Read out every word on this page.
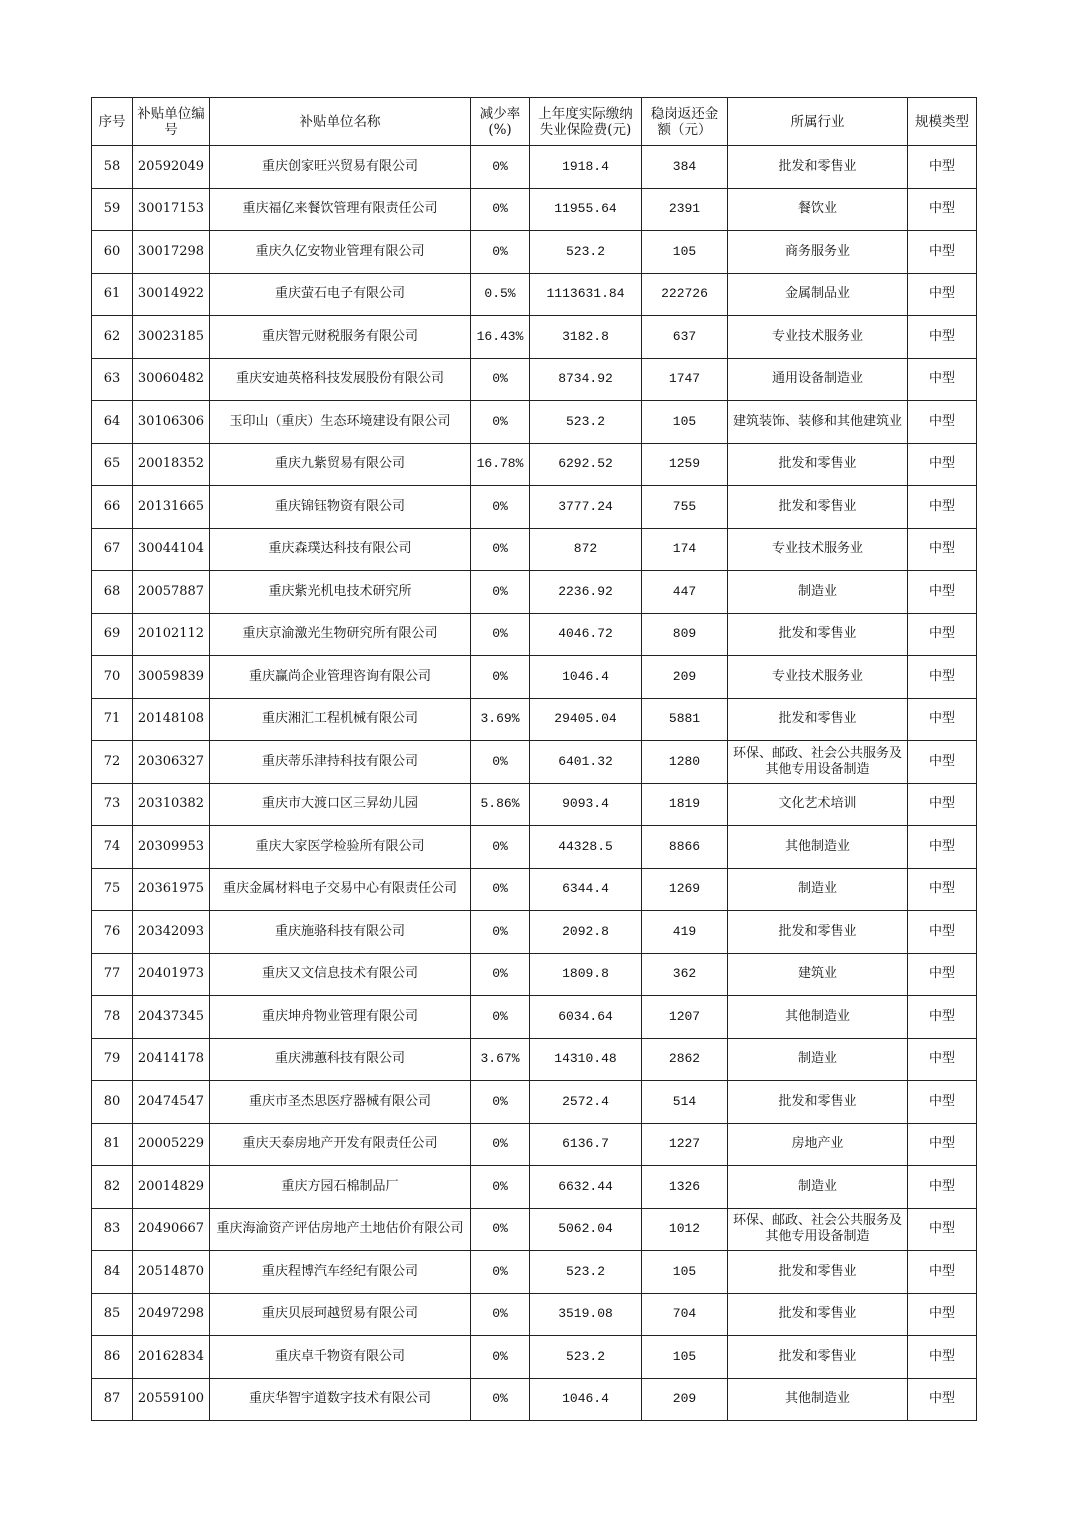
序号	补贴单位编号	补贴单位名称	减少率(%)	上年度实际缴纳失业保险费(元)	稳岗返还金额（元）	所属行业	规模类型
58	20592049	重庆创家旺兴贸易有限公司	0%	1918.4	384	批发和零售业	中型
59	30017153	重庆福亿来餐饮管理有限责任公司	0%	11955.64	2391	餐饮业	中型
60	30017298	重庆久亿安物业管理有限公司	0%	523.2	105	商务服务业	中型
61	30014922	重庆萤石电子有限公司	0.5%	1113631.84	222726	金属制品业	中型
62	30023185	重庆智元财税服务有限公司	16.43%	3182.8	637	专业技术服务业	中型
63	30060482	重庆安迪英格科技发展股份有限公司	0%	8734.92	1747	通用设备制造业	中型
64	30106306	玉印山（重庆）生态环境建设有限公司	0%	523.2	105	建筑装饰、装修和其他建筑业	中型
65	20018352	重庆九紫贸易有限公司	16.78%	6292.52	1259	批发和零售业	中型
66	20131665	重庆锦钰物资有限公司	0%	3777.24	755	批发和零售业	中型
67	30044104	重庆森璞达科技有限公司	0%	872	174	专业技术服务业	中型
68	20057887	重庆紫光机电技术研究所	0%	2236.92	447	制造业	中型
69	20102112	重庆京渝激光生物研究所有限公司	0%	4046.72	809	批发和零售业	中型
70	30059839	重庆赢尚企业管理咨询有限公司	0%	1046.4	209	专业技术服务业	中型
71	20148108	重庆湘汇工程机械有限公司	3.69%	29405.04	5881	批发和零售业	中型
72	20306327	重庆蒂乐津持科技有限公司	0%	6401.32	1280	环保、邮政、社会公共服务及其他专用设备制造	中型
73	20310382	重庆市大渡口区三昇幼儿园	5.86%	9093.4	1819	文化艺术培训	中型
74	20309953	重庆大家医学检验所有限公司	0%	44328.5	8866	其他制造业	中型
75	20361975	重庆金属材料电子交易中心有限责任公司	0%	6344.4	1269	制造业	中型
76	20342093	重庆施骆科技有限公司	0%	2092.8	419	批发和零售业	中型
77	20401973	重庆又文信息技术有限公司	0%	1809.8	362	建筑业	中型
78	20437345	重庆坤舟物业管理有限公司	0%	6034.64	1207	其他制造业	中型
79	20414178	重庆沸蕙科技有限公司	3.67%	14310.48	2862	制造业	中型
80	20474547	重庆市圣杰思医疗器械有限公司	0%	2572.4	514	批发和零售业	中型
81	20005229	重庆天泰房地产开发有限责任公司	0%	6136.7	1227	房地产业	中型
82	20014829	重庆方园石棉制品厂	0%	6632.44	1326	制造业	中型
83	20490667	重庆海渝资产评估房地产土地估价有限公司	0%	5062.04	1012	环保、邮政、社会公共服务及其他专用设备制造	中型
84	20514870	重庆程博汽车经纪有限公司	0%	523.2	105	批发和零售业	中型
85	20497298	重庆贝辰珂越贸易有限公司	0%	3519.08	704	批发和零售业	中型
86	20162834	重庆卓千物资有限公司	0%	523.2	105	批发和零售业	中型
87	20559100	重庆华智宇道数字技术有限公司	0%	1046.4	209	其他制造业	中型
